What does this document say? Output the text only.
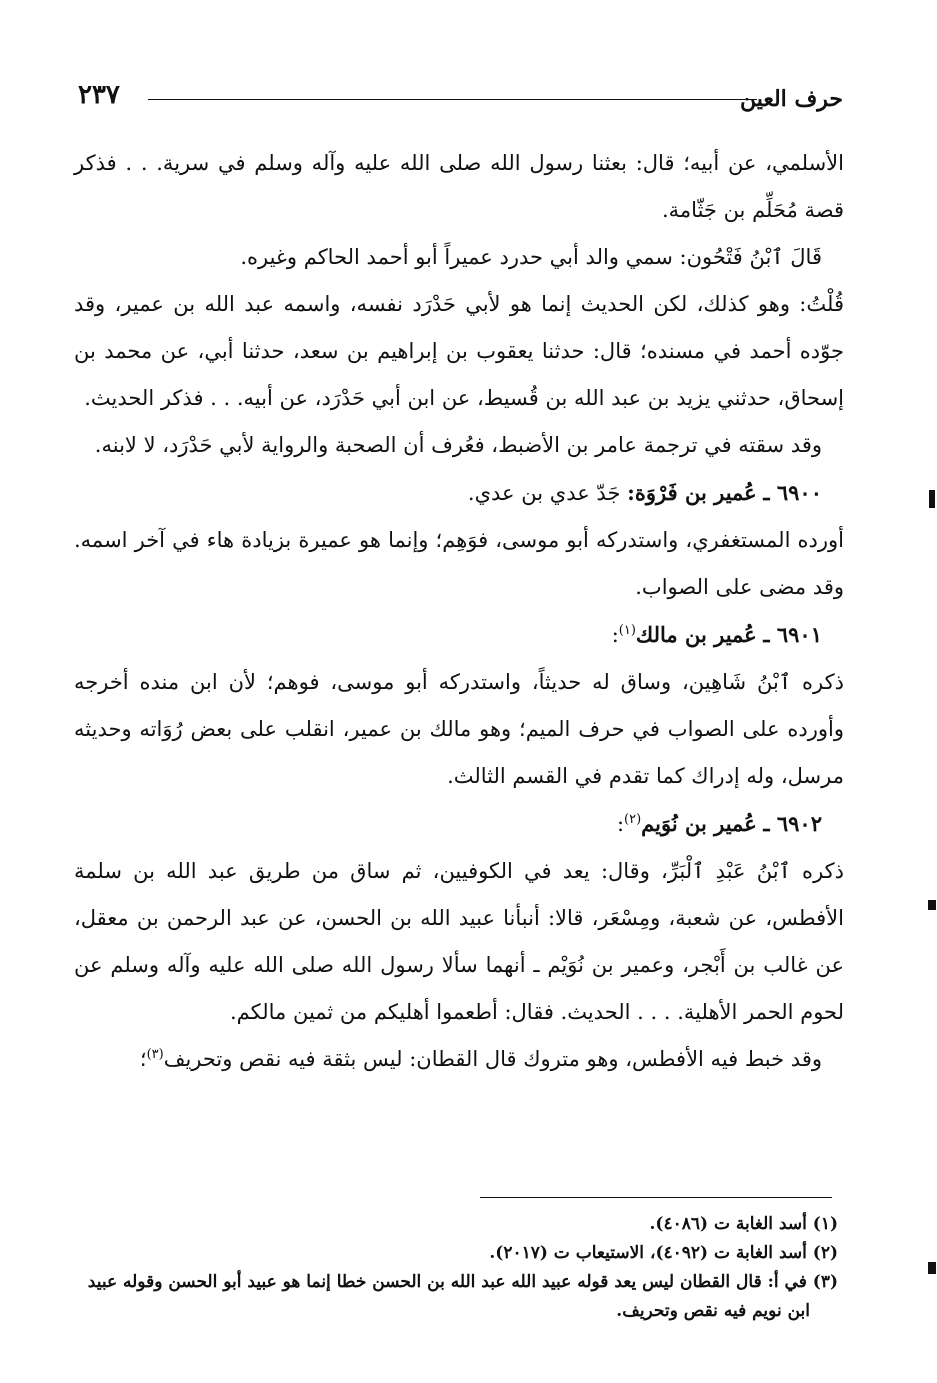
٢٣٧	حرف العين

الأسلمي، عن أبيه؛ قال: بعثنا رسول الله صلى الله عليه وآله وسلم في سرية. . . فذكر قصة مُحَلِّم بن جَثّامة.

قَالَ ٱبْنُ فَتْحُون: سمي والد أبي حدرد عميراً أبو أحمد الحاكم وغيره.

قُلْتُ: وهو كذلك، لكن الحديث إنما هو لأبي حَدْرَد نفسه، واسمه عبد الله بن عمير، وقد جوّده أحمد في مسنده؛ قال: حدثنا يعقوب بن إبراهيم بن سعد، حدثنا أبي، عن محمد بن إسحاق، حدثني يزيد بن عبد الله بن قُسيط، عن ابن أبي حَدْرَد، عن أبيه. . . فذكر الحديث.

وقد سقته في ترجمة عامر بن الأضبط، فعُرف أن الصحبة والرواية لأبي حَدْرَد، لا لابنه.

٦٩٠٠ ـ عُمير بن فَرْوَة: جَدّ عدي بن عدي.

أورده المستغفري، واستدركه أبو موسى، فوَهِم؛ وإنما هو عميرة بزيادة هاء في آخر اسمه. وقد مضى على الصواب.

٦٩٠١ ـ عُمير بن مالك$^{(١)}$:

ذكره ٱبْنُ شَاهِين، وساق له حديثاً، واستدركه أبو موسى، فوهم؛ لأن ابن منده أخرجه وأورده على الصواب في حرف الميم؛ وهو مالك بن عمير، انقلب على بعض رُوَاته وحديثه مرسل، وله إدراك كما تقدم في القسم الثالث.

٦٩٠٢ ـ عُمير بن نُوَيم$^{(٢)}$:

ذكره ٱبْنُ عَبْدِ ٱلْبَرِّ، وقال: يعد في الكوفيين، ثم ساق من طريق عبد الله بن سلمة الأفطس، عن شعبة، ومِسْعَر، قالا: أنبأنا عبيد الله بن الحسن، عن عبد الرحمن بن معقل، عن غالب بن أَبْجر، وعمير بن نُوَيْم ـ أنهما سألا رسول الله صلى الله عليه وآله وسلم عن لحوم الحمر الأهلية. . . . الحديث. فقال: أطعموا أهليكم من ثمين مالكم.

وقد خبط فيه الأفطس، وهو متروك قال القطان: ليس بثقة فيه نقص وتحريف$^{(٣)}$؛

(١) أسد الغابة ت (٤٠٨٦).

(٢) أسد الغابة ت (٤٠٩٢)، الاستيعاب ت (٢٠١٧).

(٣) في أ: قال القطان ليس يعد قوله عبيد الله عبد الله بن الحسن خطا إنما هو عبيد أبو الحسن وقوله عبيد

ابن نويم فيه نقص وتحريف.
